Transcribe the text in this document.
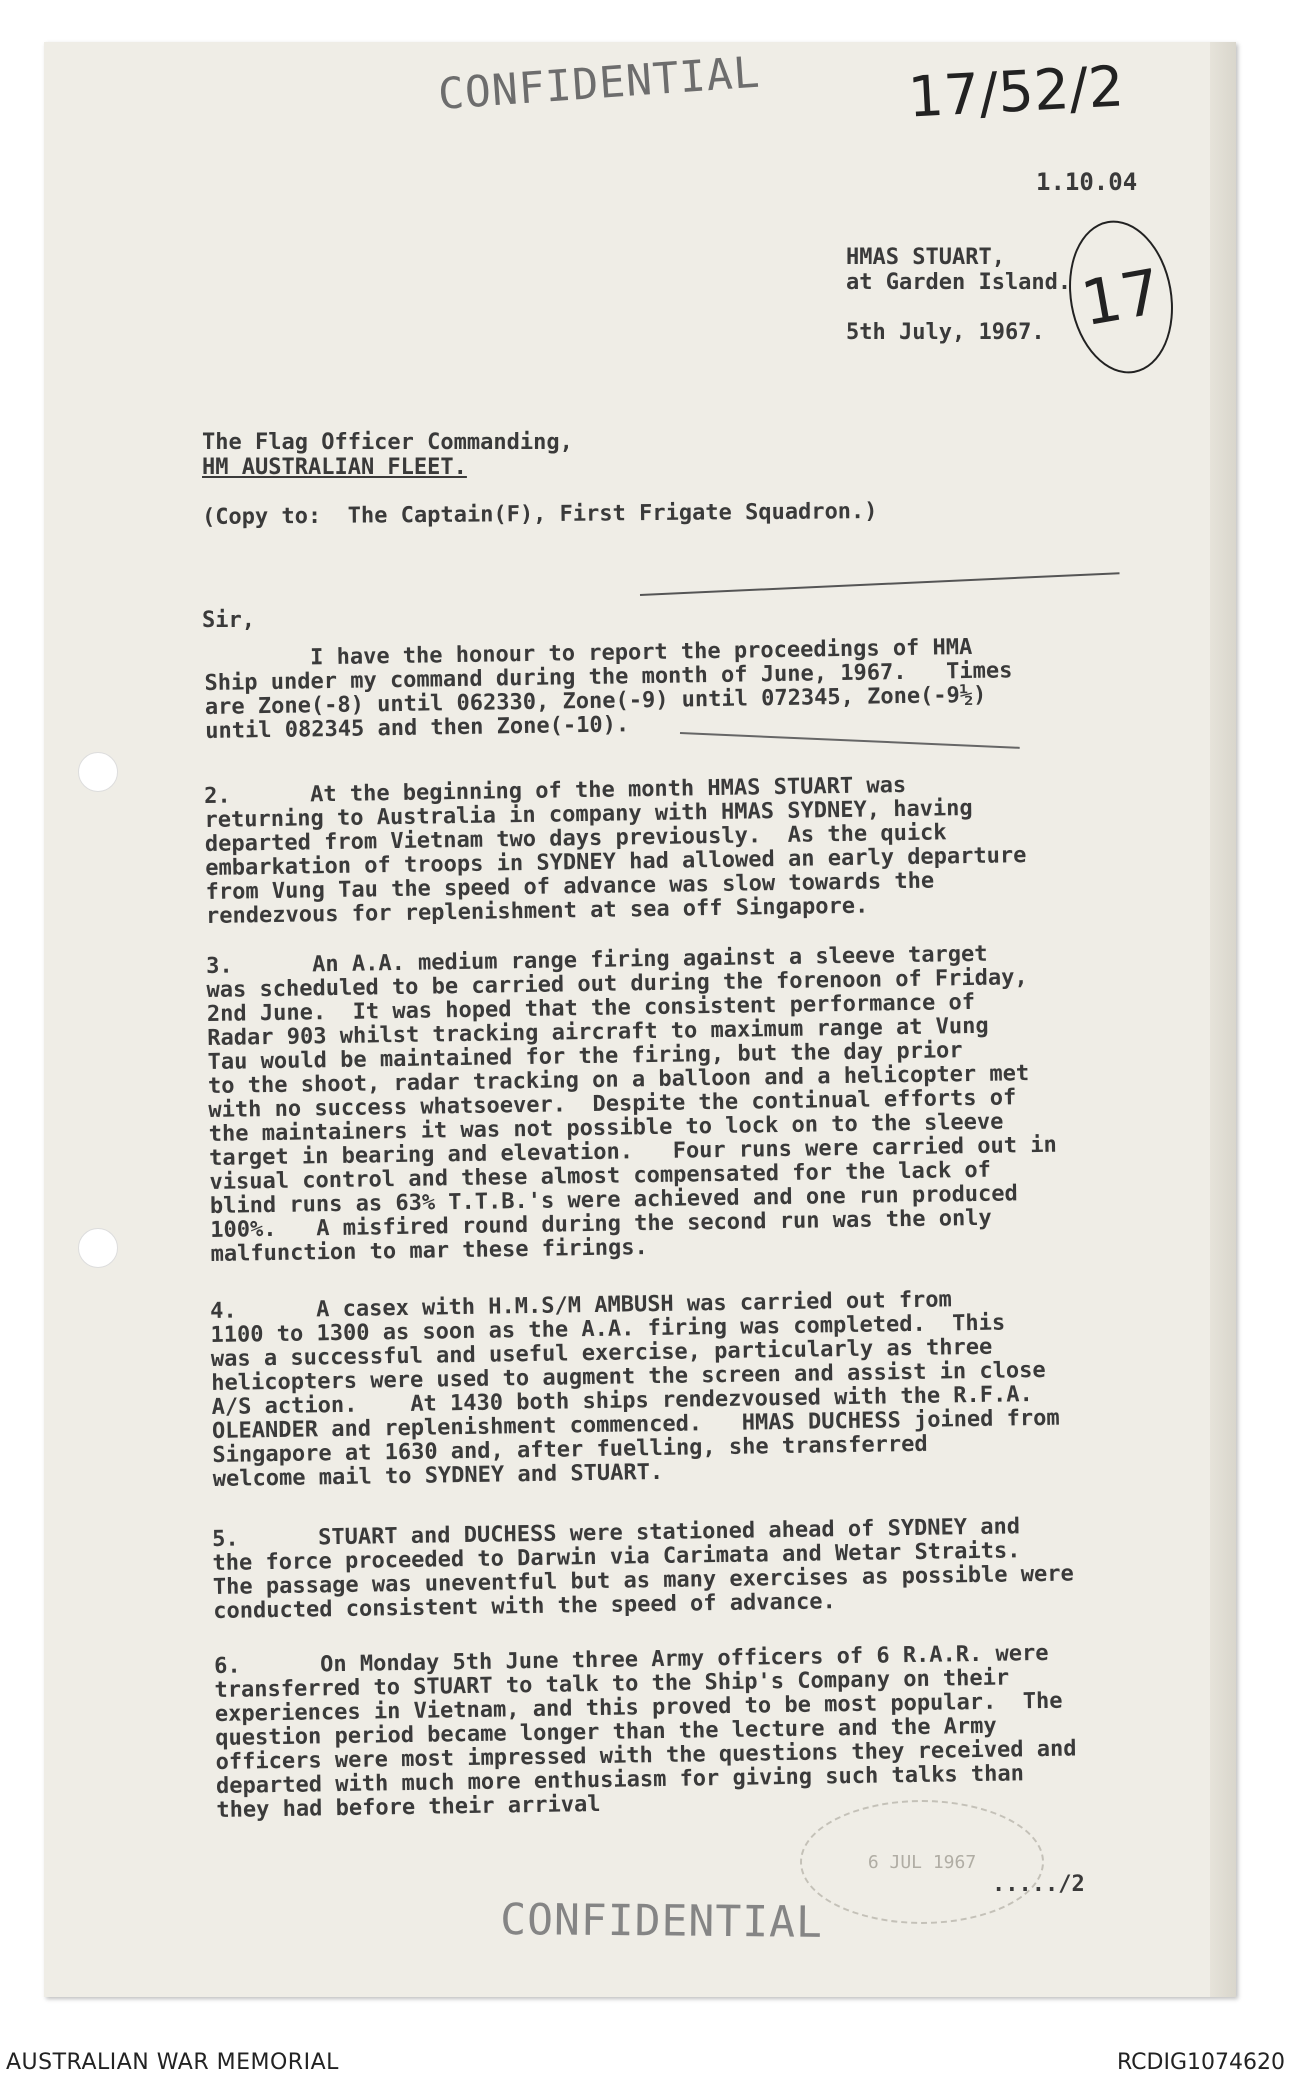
CONFIDENTIAL	17/52/2
17
1.10.04
HMAS STUART,
at Garden Island.
5th July, 1967.
The Flag Officer Commanding,
HM AUSTRALIAN FLEET.
(Copy to:  The Captain(F), First Frigate Squadron.)
Sir,
I have the honour to report the proceedings of HMA
Ship under my command during the month of June, 1967.   Times
are Zone(-8) until 062330, Zone(-9) until 072345, Zone(-9½)
until 082345 and then Zone(-10).
2.      At the beginning of the month HMAS STUART was
returning to Australia in company with HMAS SYDNEY, having
departed from Vietnam two days previously.  As the quick
embarkation of troops in SYDNEY had allowed an early departure
from Vung Tau the speed of advance was slow towards the
rendezvous for replenishment at sea off Singapore.
3.      An A.A. medium range firing against a sleeve target
was scheduled to be carried out during the forenoon of Friday,
2nd June.  It was hoped that the consistent performance of
Radar 903 whilst tracking aircraft to maximum range at Vung
Tau would be maintained for the firing, but the day prior
to the shoot, radar tracking on a balloon and a helicopter met
with no success whatsoever.  Despite the continual efforts of
the maintainers it was not possible to lock on to the sleeve
target in bearing and elevation.   Four runs were carried out in
visual control and these almost compensated for the lack of
blind runs as 63% T.T.B.'s were achieved and one run produced
100%.   A misfired round during the second run was the only
malfunction to mar these firings.
4.      A casex with H.M.S/M AMBUSH was carried out from
1100 to 1300 as soon as the A.A. firing was completed.  This
was a successful and useful exercise, particularly as three
helicopters were used to augment the screen and assist in close
A/S action.    At 1430 both ships rendezvoused with the R.F.A.
OLEANDER and replenishment commenced.   HMAS DUCHESS joined from
Singapore at 1630 and, after fuelling, she transferred
welcome mail to SYDNEY and STUART.
5.      STUART and DUCHESS were stationed ahead of SYDNEY and
the force proceeded to Darwin via Carimata and Wetar Straits.
The passage was uneventful but as many exercises as possible were
conducted consistent with the speed of advance.
6.      On Monday 5th June three Army officers of 6 R.A.R. were
transferred to STUART to talk to the Ship's Company on their
experiences in Vietnam, and this proved to be most popular.  The
question period became longer than the lecture and the Army
officers were most impressed with the questions they received and
departed with much more enthusiasm for giving such talks than
they had before their arrival
6 JUL 1967
...../2
CONFIDENTIAL
AUSTRALIAN WAR MEMORIAL	RCDIG1074620
